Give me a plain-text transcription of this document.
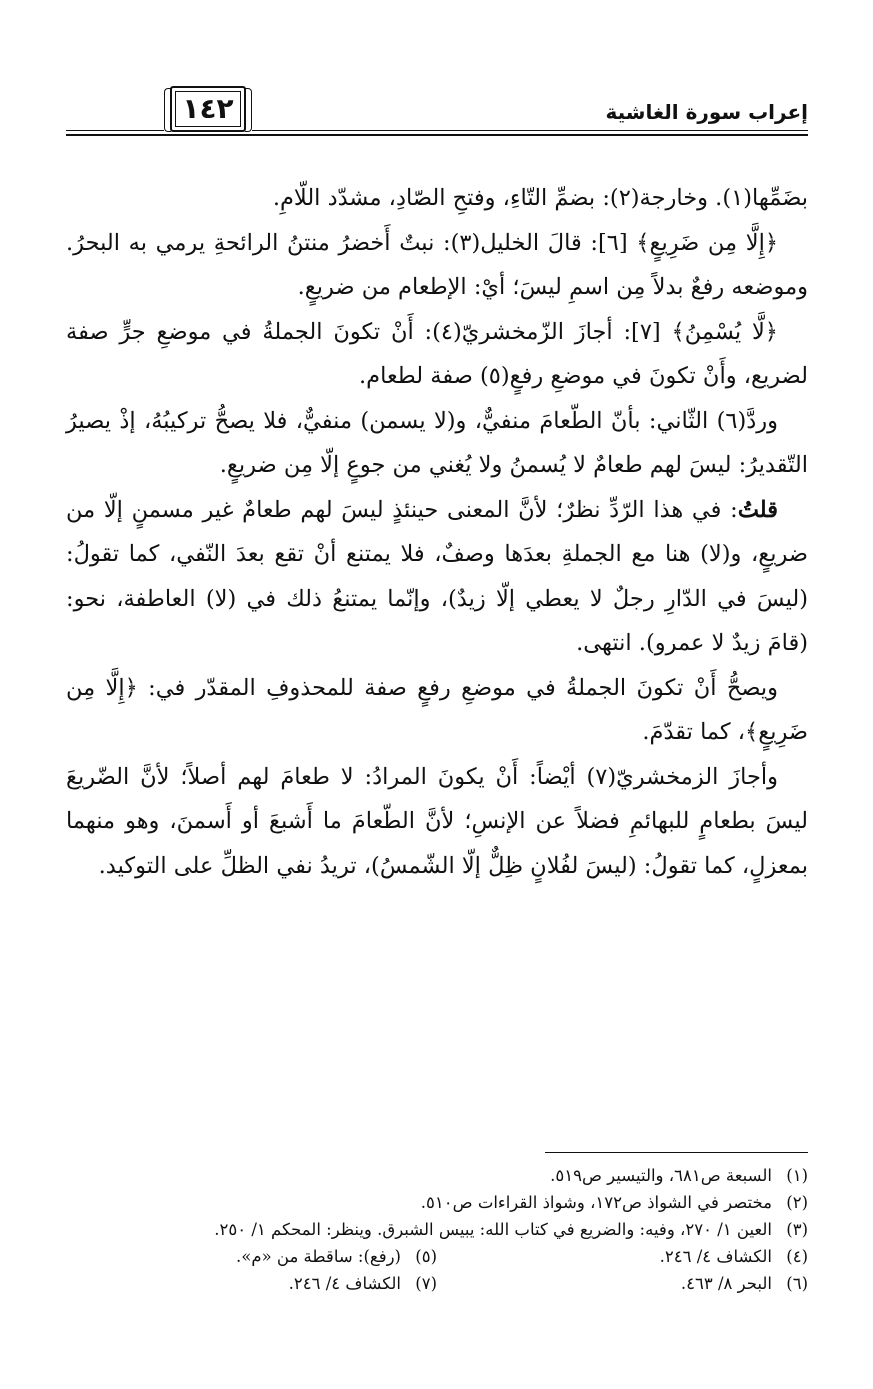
إعراب سورة الغاشية
١٤٢

بضَمِّها(١). وخارجة(٢): بضمِّ التّاءِ، وفتحِ الصّادِ، مشدّد اللّامِ.

﴿إِلَّا مِن ضَرِيعٍ﴾ [٦]: قالَ الخليل(٣): نبتٌ أَخضرُ منتنُ الرائحةِ يرمي به البحرُ. وموضعه رفعٌ بدلاً مِن اسمِ ليسَ؛ أيْ: الإطعام من ضريعٍ.

﴿لَّا يُسْمِنُ﴾ [٧]: أجازَ الزّمخشريّ(٤): أَنْ تكونَ الجملةُ في موضعِ جرٍّ صفة لضريع، وأَنْ تكونَ في موضعِ رفعٍ(٥) صفة لطعام.

وردَّ(٦) الثّاني: بأنّ الطّعامَ منفيٌّ، و(لا يسمن) منفيٌّ، فلا يصحُّ تركيبُهُ، إذْ يصيرُ التّقديرُ: ليسَ لهم طعامٌ لا يُسمنُ ولا يُغني من جوعٍ إلّا مِن ضريعٍ.

قلتُ: في هذا الرّدِّ نظرٌ؛ لأنَّ المعنى حينئذٍ ليسَ لهم طعامٌ غير مسمنٍ إلّا من ضريعٍ، و(لا) هنا مع الجملةِ بعدَها وصفٌ، فلا يمتنع أنْ تقع بعدَ النّفي، كما تقولُ: (ليسَ في الدّارِ رجلٌ لا يعطي إلّا زيدٌ)، وإنّما يمتنعُ ذلك في (لا) العاطفة، نحو: (قامَ زيدٌ لا عمرو). انتهى.

ويصحُّ أَنْ تكونَ الجملةُ في موضعِ رفعٍ صفة للمحذوفِ المقدّر في: ﴿إِلَّا مِن ضَرِيعٍ﴾، كما تقدّمَ.

وأجازَ الزمخشريّ(٧) أيْضاً: أَنْ يكونَ المرادُ: لا طعامَ لهم أصلاً؛ لأنَّ الضّريعَ ليسَ بطعامٍ للبهائمِ فضلاً عن الإنسِ؛ لأنَّ الطّعامَ ما أَشبعَ أو أَسمنَ، وهو منهما بمعزلٍ، كما تقولُ: (ليسَ لفُلانٍ ظِلٌّ إلّا الشّمسُ)، تريدُ نفي الظلِّ على التوكيد.

(١)
السبعة ص٦٨١، والتيسير ص٥١٩.
(٢)
مختصر في الشواذ ص١٧٢، وشواذ القراءات ص٥١٠.
(٣)
العين ١/ ٢٧٠، وفيه: والضريع في كتاب الله: يبيس الشبرق. وينظر: المحكم ١/ ٢٥٠.
(٤)
الكشاف ٤/ ٢٤٦.
(٥)
(رفع): ساقطة من «م».
(٦)
البحر ٨/ ٤٦٣.
(٧)
الكشاف ٤/ ٢٤٦.
